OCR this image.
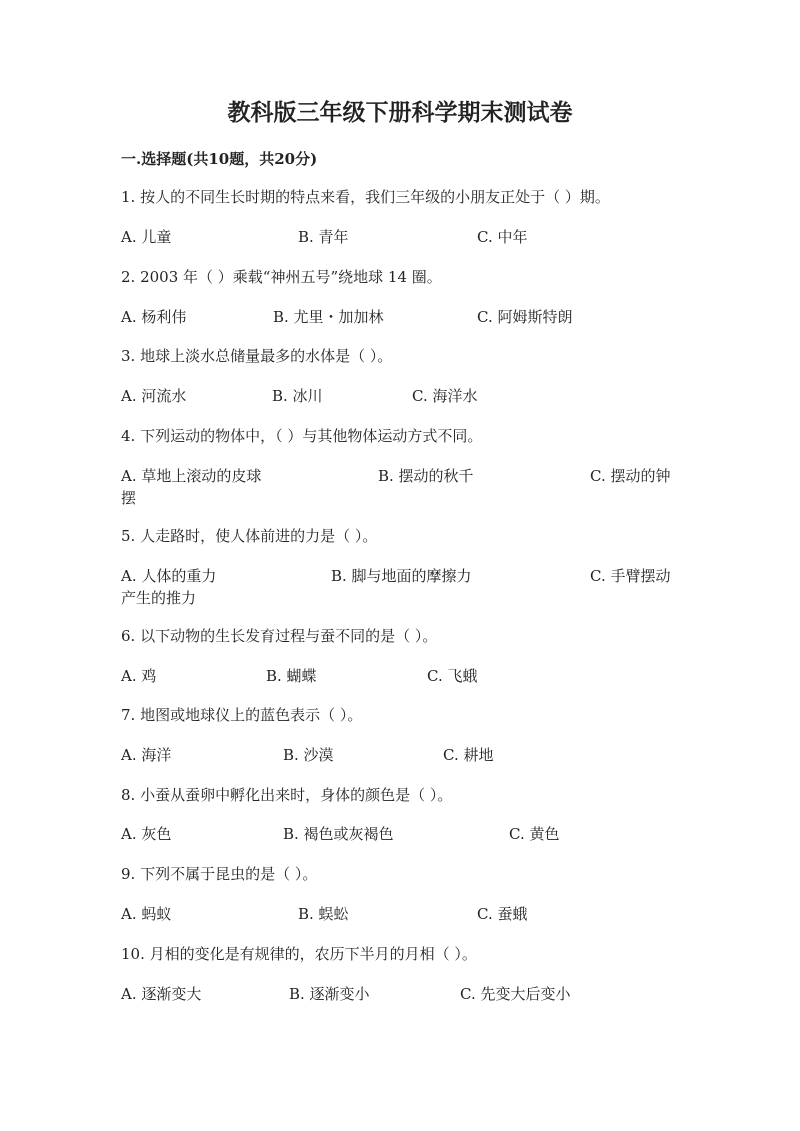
教科版三年级下册科学期末测试卷
一.选择题(共10题，共20分)
1. 按人的不同生长时期的特点来看，我们三年级的小朋友正处于（ ）期。
A. 儿童	B. 青年	C. 中年
2. 2003 年（ ）乘载“神州五号”绕地球 14 圈。
A. 杨利伟	B. 尤里・加加林	C. 阿姆斯特朗
3. 地球上淡水总储量最多的水体是（ ）。
A. 河流水	B. 冰川	C. 海洋水
4. 下列运动的物体中，（ ）与其他物体运动方式不同。
A. 草地上滚动的皮球	B. 摆动的秋千	C. 摆动的钟
摆
5. 人走路时，使人体前进的力是（ ）。
A. 人体的重力	B. 脚与地面的摩擦力	C. 手臂摆动
产生的推力
6. 以下动物的生长发育过程与蚕不同的是（ ）。
A. 鸡	B. 蝴蝶	C. 飞蛾
7. 地图或地球仪上的蓝色表示（ ）。
A. 海洋	B. 沙漠	C. 耕地
8. 小蚕从蚕卵中孵化出来时，身体的颜色是（ ）。
A. 灰色	B. 褐色或灰褐色	C. 黄色
9. 下列不属于昆虫的是（ ）。
A. 蚂蚁	B. 蜈蚣	C. 蚕蛾
10. 月相的变化是有规律的，农历下半月的月相（ ）。
A. 逐渐变大	B. 逐渐变小	C. 先变大后变小
